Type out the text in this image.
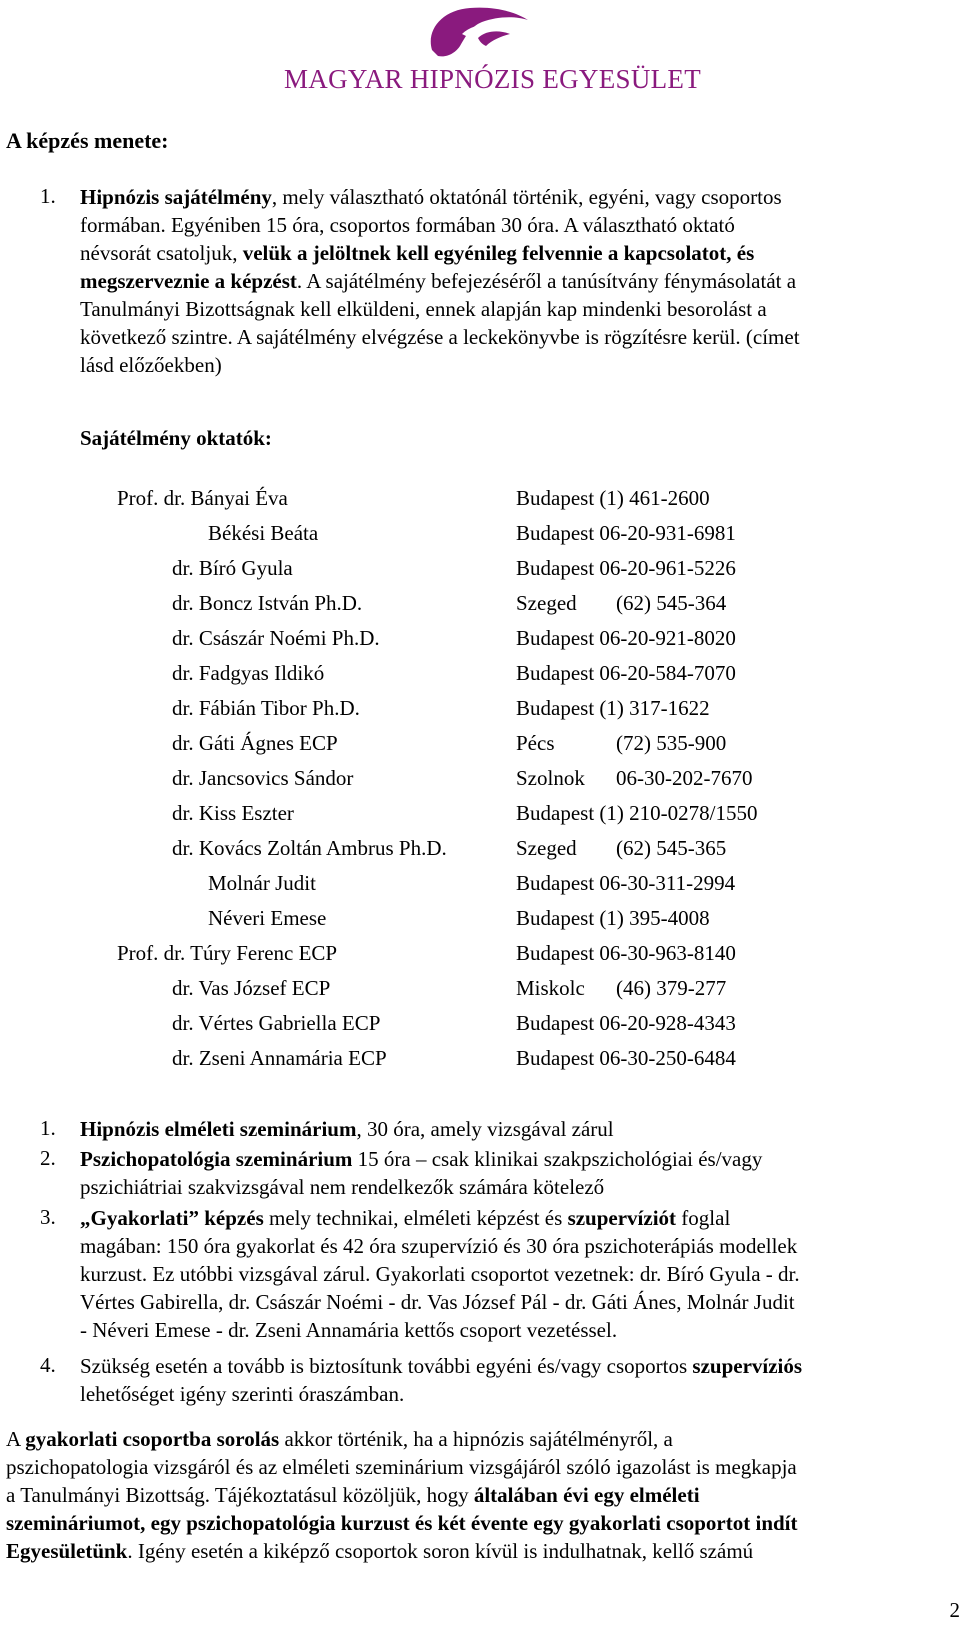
MAGYAR HIPNÓZIS EGYESÜLET
A képzés menete:
1. Hipnózis sajátélmény, mely választható oktatónál történik, egyéni, vagy csoportos
formában. Egyéniben 15 óra, csoportos formában 30 óra. A választható oktató
névsorát csatoljuk, velük a jelöltnek kell egyénileg felvennie a kapcsolatot, és
megszerveznie a képzést. A sajátélmény befejezéséről a tanúsítvány fénymásolatát a
Tanulmányi Bizottságnak kell elküldeni, ennek alapján kap mindenki besorolást a
következő szintre. A sajátélmény elvégzése a leckekönyvbe is rögzítésre kerül. (címet
lásd előzőekben)
Sajátélmény oktatók:
Prof. dr. Bányai Éva	Budapest (1) 461-2600
Békési Beáta	Budapest 06-20-931-6981
dr. Bíró Gyula	Budapest 06-20-961-5226
dr. Boncz István Ph.D.	Szeged (62) 545-364
dr. Császár Noémi Ph.D.	Budapest 06-20-921-8020
dr. Fadgyas Ildikó	Budapest 06-20-584-7070
dr. Fábián Tibor Ph.D.	Budapest (1) 317-1622
dr. Gáti Ágnes ECP	Pécs	(72) 535-900
dr. Jancsovics Sándor	Szolnok 06-30-202-7670
dr. Kiss Eszter	Budapest (1) 210-0278/1550
dr. Kovács Zoltán Ambrus Ph.D.	Szeged (62) 545-365
Molnár Judit	Budapest 06-30-311-2994
Néveri Emese	Budapest (1) 395-4008
Prof. dr. Túry Ferenc ECP	Budapest 06-30-963-8140
dr. Vas József ECP	Miskolc (46) 379-277
dr. Vértes Gabriella ECP	Budapest 06-20-928-4343
dr. Zseni Annamária ECP	Budapest 06-30-250-6484
1. Hipnózis elméleti szeminárium, 30 óra, amely vizsgával zárul
2. Pszichopatológia szeminárium 15 óra – csak klinikai szakpszichológiai és/vagy
pszichiátriai szakvizsgával nem rendelkezők számára kötelező
3. „Gyakorlati” képzés mely technikai, elméleti képzést és szupervíziót foglal
magában: 150 óra gyakorlat és 42 óra szupervízió és 30 óra pszichoterápiás modellek
kurzust. Ez utóbbi vizsgával zárul. Gyakorlati csoportot vezetnek: dr. Bíró Gyula - dr.
Vértes Gabirella, dr. Császár Noémi - dr. Vas József Pál - dr. Gáti Ánes, Molnár Judit
- Néveri Emese - dr. Zseni Annamária kettős csoport vezetéssel.
4. Szükség esetén a tovább is biztosítunk további egyéni és/vagy csoportos szupervíziós
lehetőséget igény szerinti óraszámban.
A gyakorlati csoportba sorolás akkor történik, ha a hipnózis sajátélményről, a
pszichopatologia vizsgáról és az elméleti szeminárium vizsgájáról szóló igazolást is megkapja
a Tanulmányi Bizottság. Tájékoztatásul közöljük, hogy általában évi egy elméleti
szemináriumot, egy pszichopatológia kurzust és két évente egy gyakorlati csoportot indít
Egyesületünk. Igény esetén a kiképző csoportok soron kívül is indulhatnak, kellő számú
2
